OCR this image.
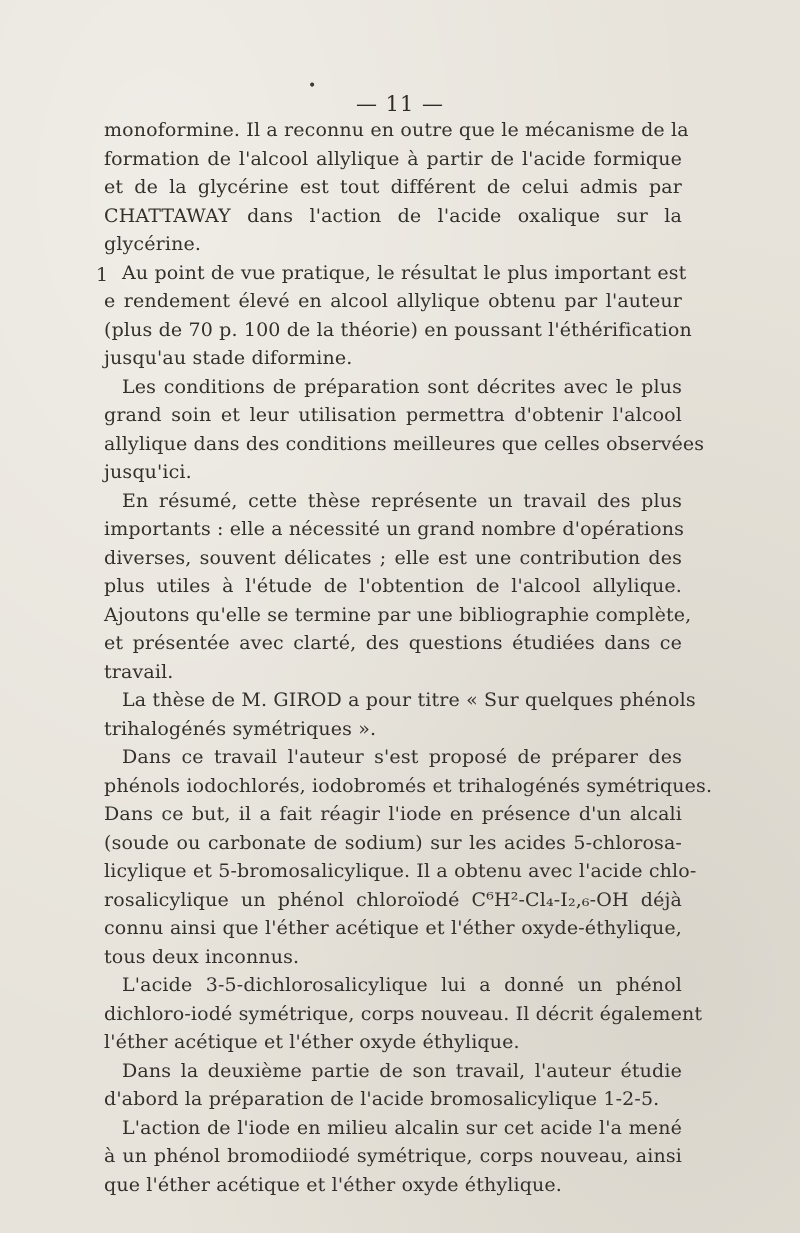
•
— 11 —
1
monoformine. Il a reconnu en outre que le mécanisme de la
formation de l'alcool allylique à partir de l'acide formique
et de la glycérine est tout différent de celui admis par
CHATTAWAY dans l'action de l'acide oxalique sur la
glycérine.
Au point de vue pratique, le résultat le plus important est
e rendement élevé en alcool allylique obtenu par l'auteur
(plus de 70 p. 100 de la théorie) en poussant l'éthérification
jusqu'au stade diformine.
Les conditions de préparation sont décrites avec le plus
grand soin et leur utilisation permettra d'obtenir l'alcool
allylique dans des conditions meilleures que celles observées
jusqu'ici.
En résumé, cette thèse représente un travail des plus
importants : elle a nécessité un grand nombre d'opérations
diverses, souvent délicates ; elle est une contribution des
plus utiles à l'étude de l'obtention de l'alcool allylique.
Ajoutons qu'elle se termine par une bibliographie complète,
et présentée avec clarté, des questions étudiées dans ce
travail.
La thèse de M. GIROD a pour titre « Sur quelques phénols
trihalogénés symétriques ».
Dans ce travail l'auteur s'est proposé de préparer des
phénols iodochlorés, iodobromés et trihalogénés symétriques.
Dans ce but, il a fait réagir l'iode en présence d'un alcali
(soude ou carbonate de sodium) sur les acides 5-chlorosa-
licylique et 5-bromosalicylique. Il a obtenu avec l'acide chlo-
rosalicylique un phénol chloroïodé C⁶H²-Cl₄-I₂,₆-OH déjà
connu ainsi que l'éther acétique et l'éther oxyde-éthylique,
tous deux inconnus.
L'acide 3-5-dichlorosalicylique lui a donné un phénol
dichloro-iodé symétrique, corps nouveau. Il décrit également
l'éther acétique et l'éther oxyde éthylique.
Dans la deuxième partie de son travail, l'auteur étudie
d'abord la préparation de l'acide bromosalicylique 1-2-5.
L'action de l'iode en milieu alcalin sur cet acide l'a mené
à un phénol bromodiiodé symétrique, corps nouveau, ainsi
que l'éther acétique et l'éther oxyde éthylique.
